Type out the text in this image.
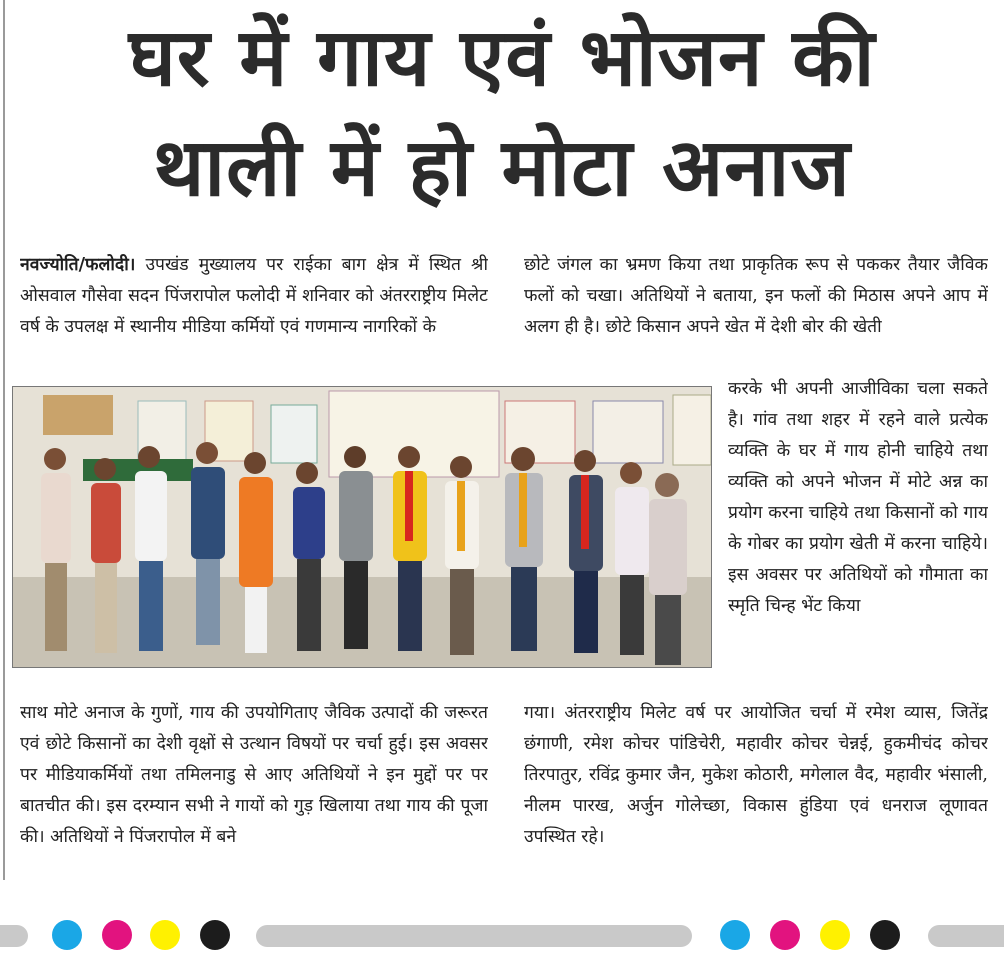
घर में गाय एवं भोजन की
थाली में हो मोटा अनाज

नवज्योति/फलोदी। उपखंड मुख्यालय पर राईका बाग क्षेत्र में स्थित श्री ओसवाल गौसेवा सदन पिंजरापोल फलोदी में शनिवार को अंतरराष्ट्रीय मिलेट वर्ष के उपलक्ष में स्थानीय मीडिया कर्मियों एवं गणमान्य नागरिकों के

छोटे जंगल का भ्रमण किया तथा प्राकृतिक रूप से पककर तैयार जैविक फलों को चखा। अतिथियों ने बताया, इन फलों की मिठास अपने आप में अलग ही है। छोटे किसान अपने खेत में देशी बोर की खेती

करके भी अपनी आजीविका चला सकते है। गांव तथा शहर में रहने वाले प्रत्येक व्यक्ति के घर में गाय होनी चाहिये तथा व्यक्ति को अपने भोजन में मोटे अन्न का प्रयोग करना चाहिये तथा किसानों को गाय के गोबर का प्रयोग खेती में करना चाहिये। इस अवसर पर अतिथियों को गौमाता का स्मृति चिन्ह भेंट किया

साथ मोटे अनाज के गुणों, गाय की उपयोगिताए जैविक उत्पादों की जरूरत एवं छोटे किसानों का देशी वृक्षों से उत्थान विषयों पर चर्चा हुई। इस अवसर पर मीडियाकर्मियों तथा तमिलनाडु से आए अतिथियों ने इन मुद्दों पर पर बातचीत की। इस दरम्यान सभी ने गायों को गुड़ खिलाया तथा गाय की पूजा की। अतिथियों ने पिंजरापोल में बने

गया। अंतरराष्ट्रीय मिलेट वर्ष पर आयोजित चर्चा में रमेश व्यास, जितेंद्र छंगाणी, रमेश कोचर पांडिचेरी, महावीर कोचर चेन्नई, हुकमीचंद कोचर तिरपातुर, रविंद्र कुमार जैन, मुकेश कोठारी, मगेलाल वैद, महावीर भंसाली, नीलम पारख, अर्जुन गोलेच्छा, विकास हुंडिया एवं धनराज लूणावत उपस्थित रहे।
